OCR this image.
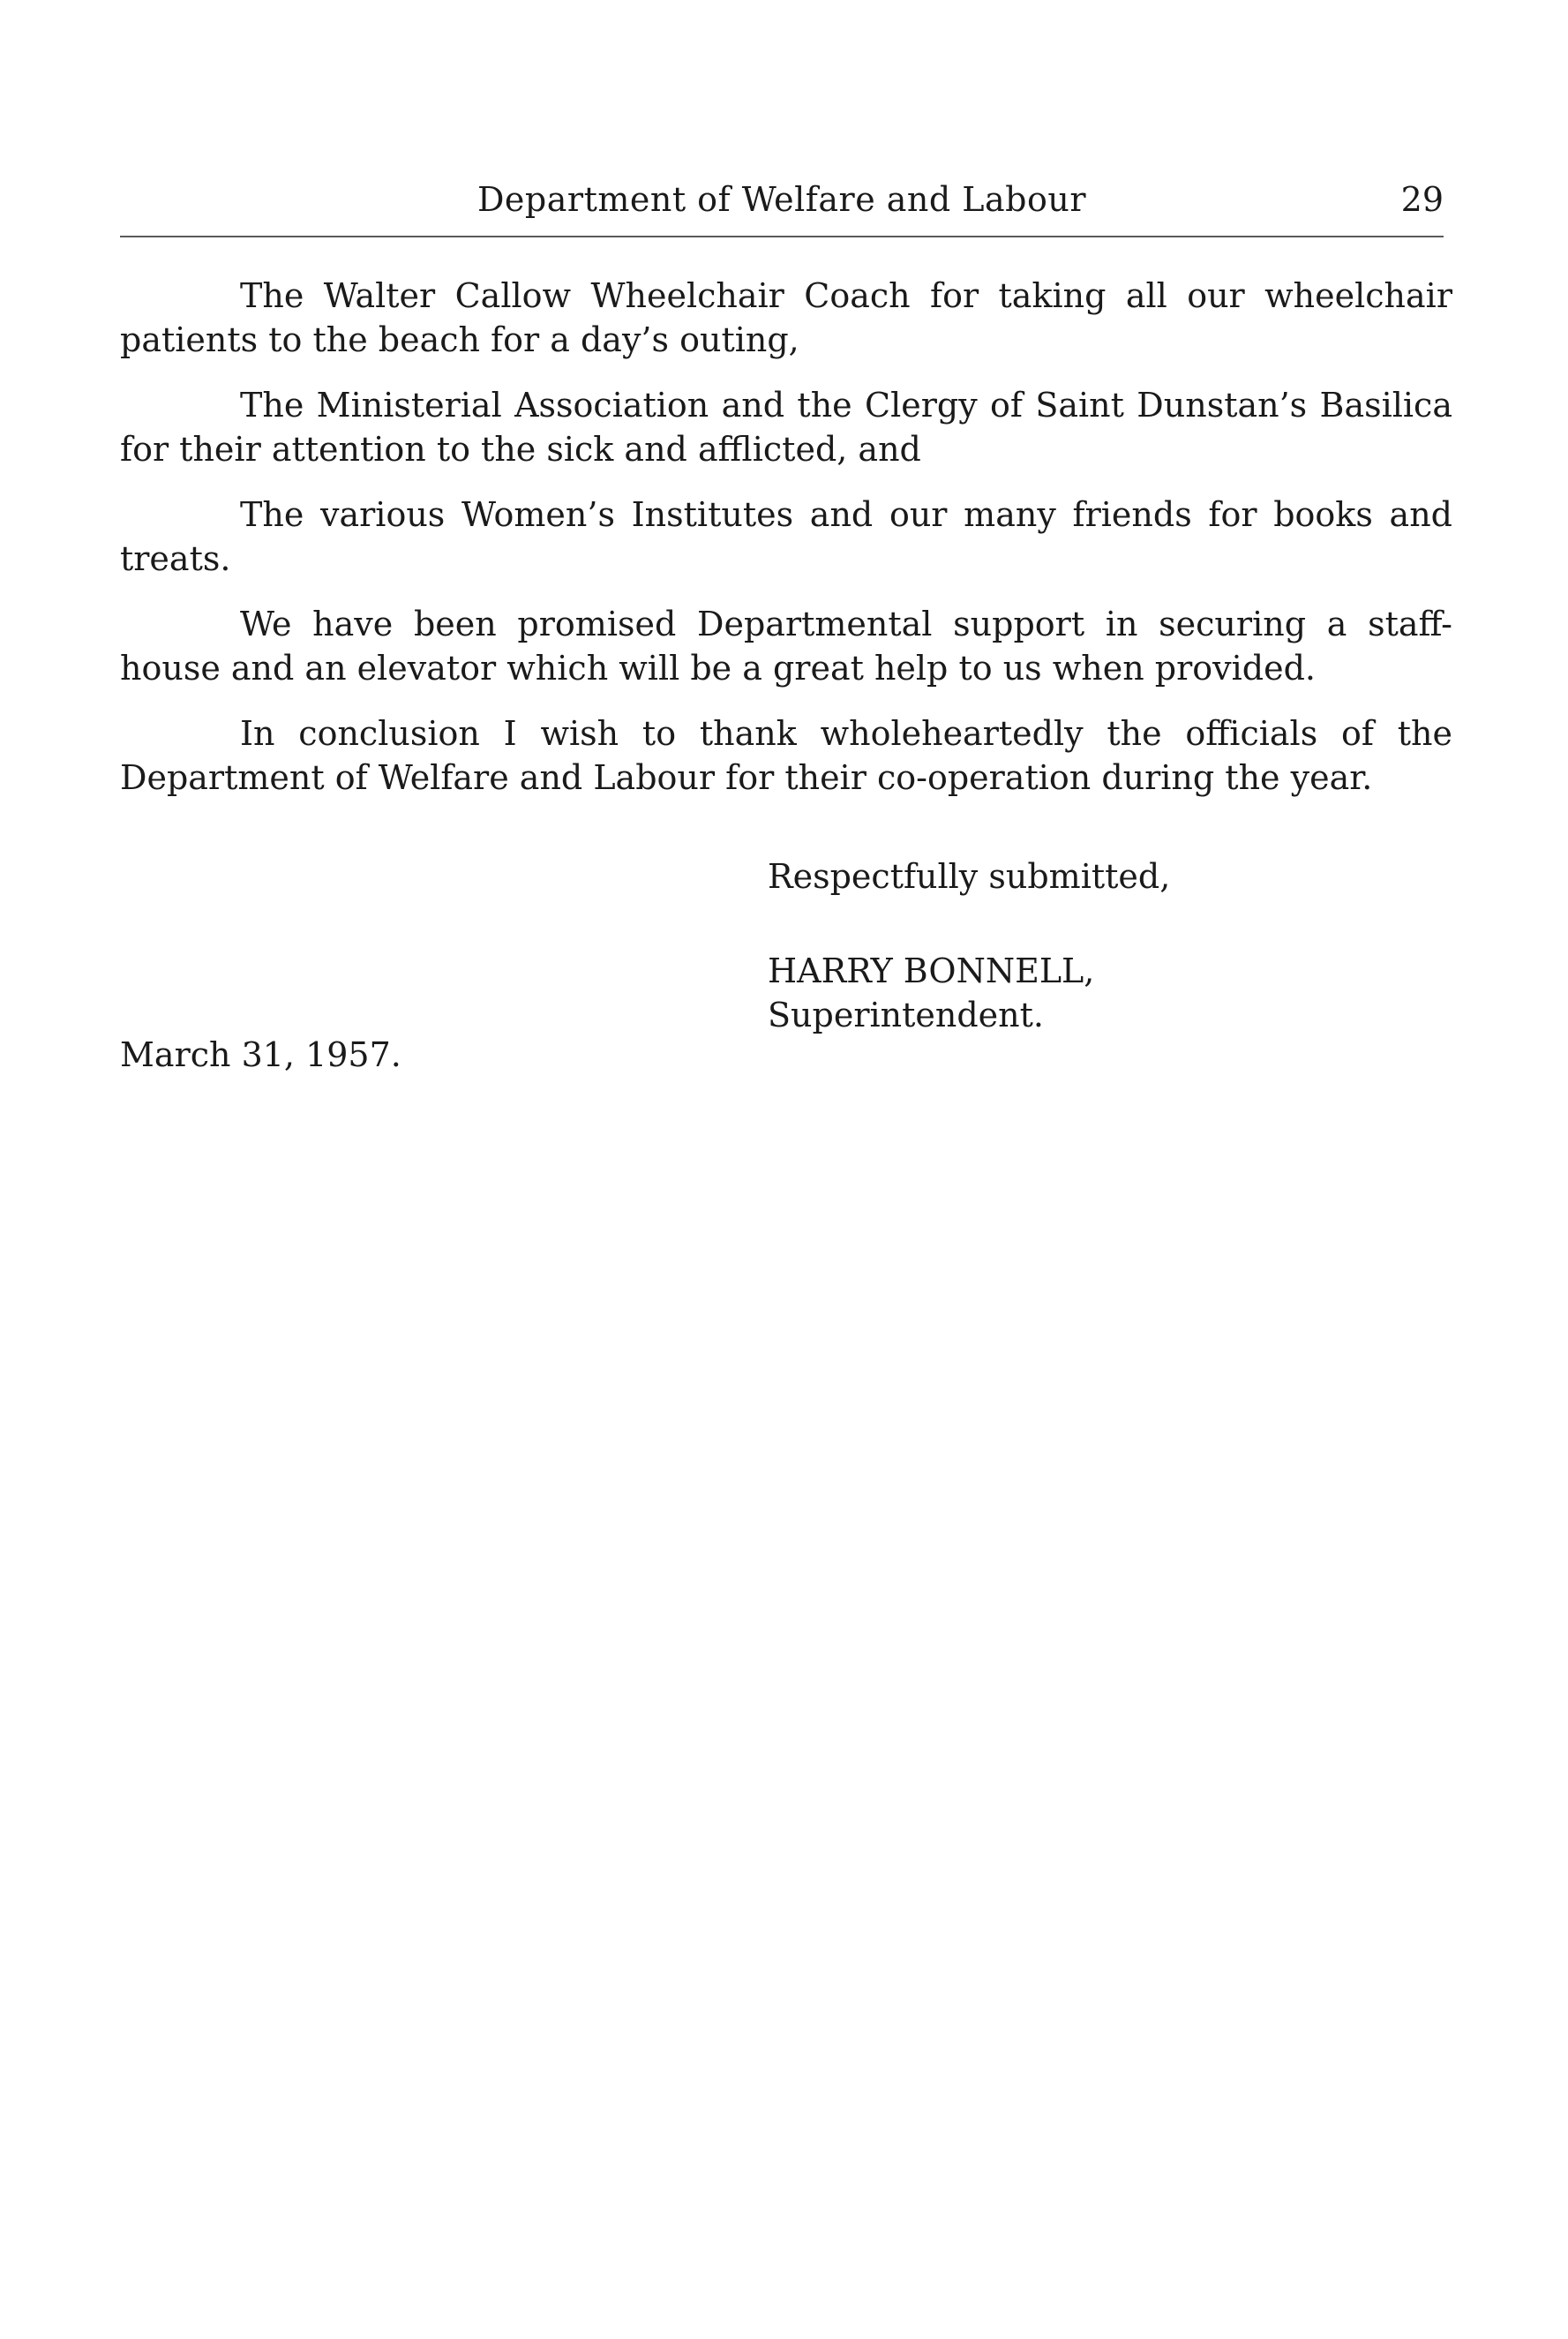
Department of Welfare and Labour	29

The Walter Callow Wheelchair Coach for taking all our wheelchair patients to the beach for a day’s outing,

The Ministerial Association and the Clergy of Saint Dunstan’s Basilica for their attention to the sick and afflicted, and

The various Women’s Institutes and our many friends for books and treats.

We have been promised Departmental support in securing a staff-house and an elevator which will be a great help to us when provided.

In conclusion I wish to thank wholeheartedly the officials of the Department of Welfare and Labour for their co-operation during the year.

Respectfully submitted,
HARRY BONNELL,
Superintendent.
March 31, 1957.
